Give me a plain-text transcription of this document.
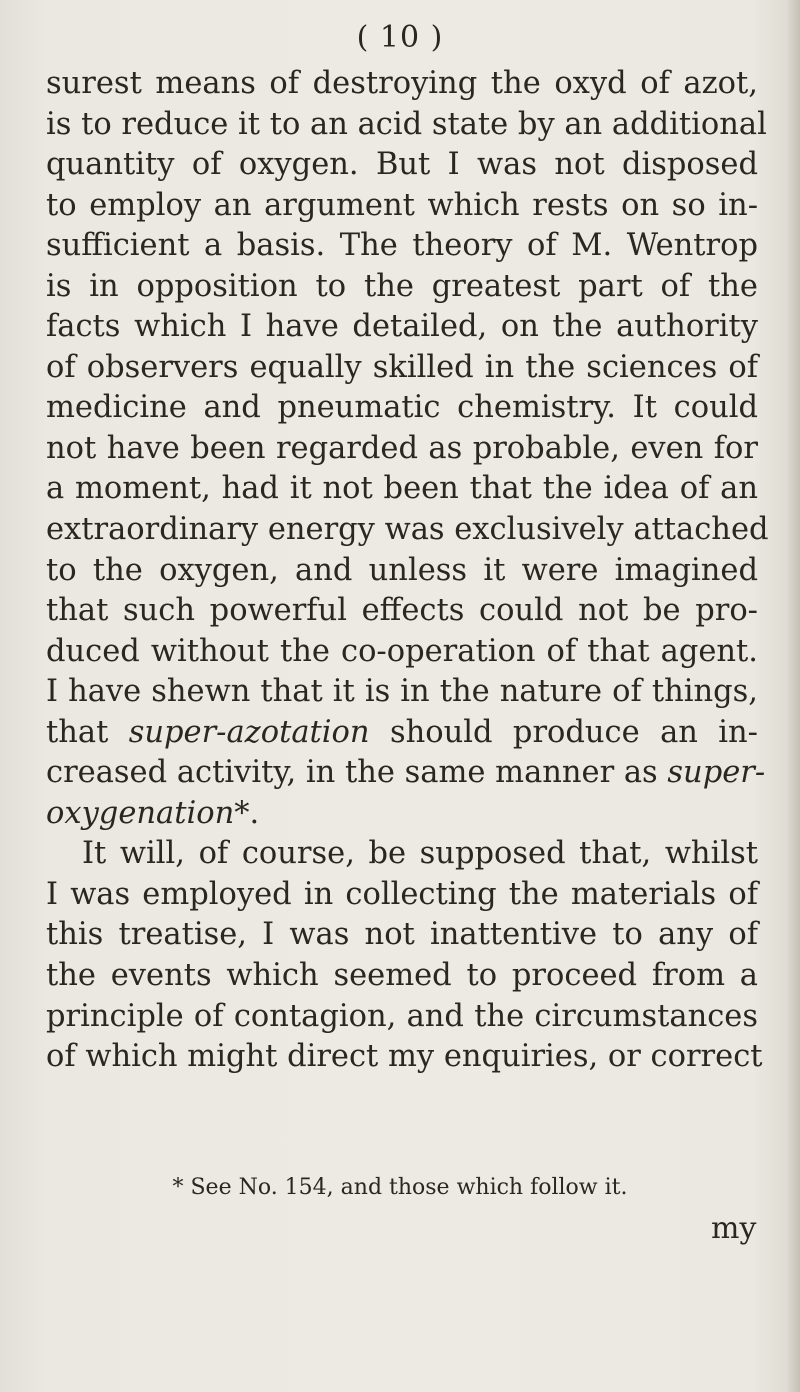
( 10 )
surest means of destroying the oxyd of azot,
is to reduce it to an acid state by an additional
quantity of oxygen. But I was not disposed
to employ an argument which rests on so in-
sufficient a basis. The theory of M. Wentrop
is in opposition to the greatest part of the
facts which I have detailed, on the authority
of observers equally skilled in the sciences of
medicine and pneumatic chemistry. It could
not have been regarded as probable, even for
a moment, had it not been that the idea of an
extraordinary energy was exclusively attached
to the oxygen, and unless it were imagined
that such powerful effects could not be pro-
duced without the co-operation of that agent.
I have shewn that it is in the nature of things,
that super-azotation should produce an in-
creased activity, in the same manner as super-
oxygenation*.
It will, of course, be supposed that, whilst
I was employed in collecting the materials of
this treatise, I was not inattentive to any of
the events which seemed to proceed from a
principle of contagion, and the circumstances
of which might direct my enquiries, or correct
* See No. 154, and those which follow it.
my
